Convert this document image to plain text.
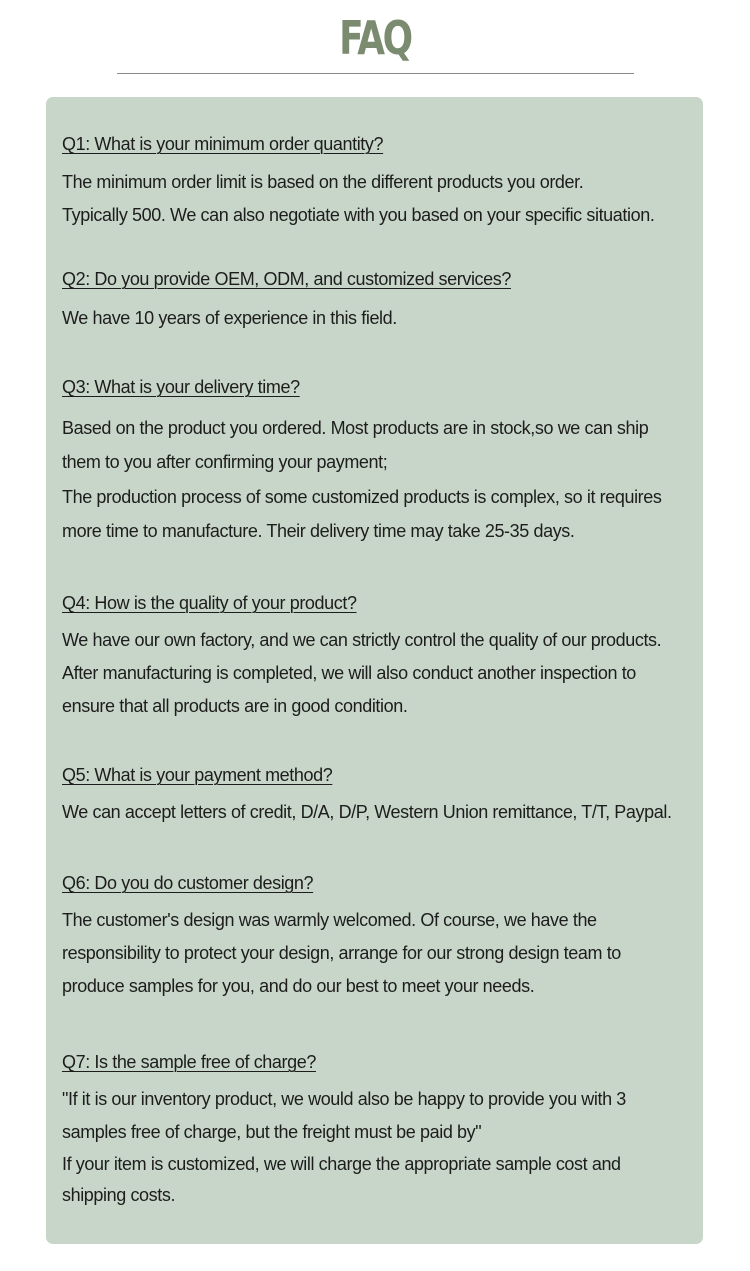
FAQ
Q1: What is your minimum order quantity?
The minimum order limit is based on the different products you order.
Typically 500. We can also negotiate with you based on your specific situation.
Q2: Do you provide OEM, ODM, and customized services?
We have 10 years of experience in this field.
Q3: What is your delivery time?
Based on the product you ordered. Most products are in stock,so we can ship
them to you after confirming your payment;
The production process of some customized products is complex, so it requires
more time to manufacture. Their delivery time may take 25-35 days.
Q4: How is the quality of your product?
We have our own factory, and we can strictly control the quality of our products.
After manufacturing is completed, we will also conduct another inspection to
ensure that all products are in good condition.
Q5: What is your payment method?
We can accept letters of credit, D/A, D/P, Western Union remittance, T/T, Paypal.
Q6: Do you do customer design?
The customer's design was warmly welcomed. Of course, we have the
responsibility to protect your design, arrange for our strong design team to
produce samples for you, and do our best to meet your needs.
Q7: Is the sample free of charge?
"If it is our inventory product, we would also be happy to provide you with 3
samples free of charge, but the freight must be paid by"
If your item is customized, we will charge the appropriate sample cost and
shipping costs.
